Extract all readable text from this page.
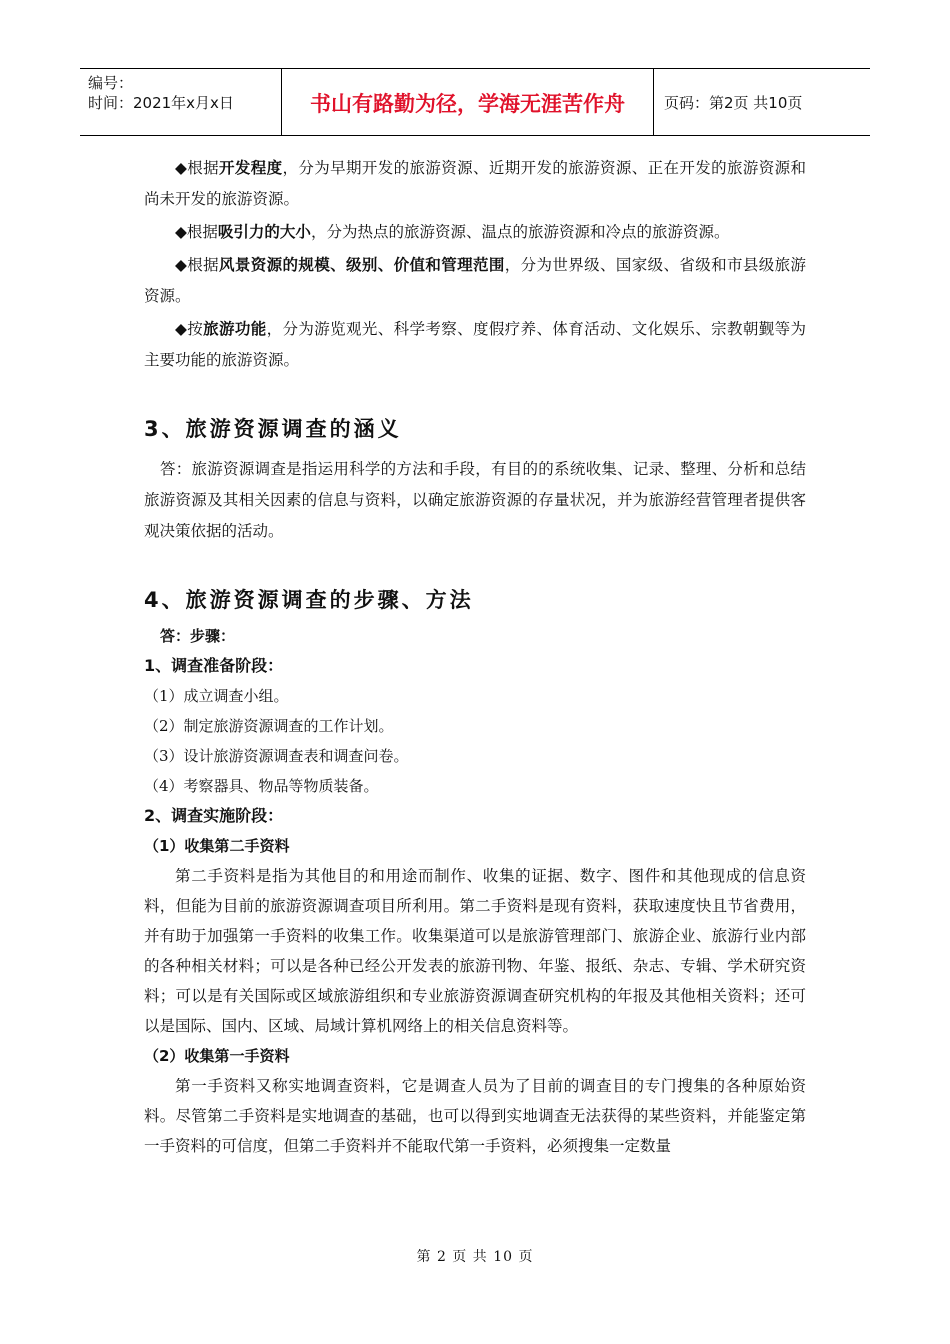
编号：
时间：2021年x月x日	书山有路勤为径，学海无涯苦作舟	页码：第2页 共10页

◆根据开发程度，分为早期开发的旅游资源、近期开发的旅游资源、正在开发的旅游资源和尚未开发的旅游资源。

◆根据吸引力的大小，分为热点的旅游资源、温点的旅游资源和冷点的旅游资源。

◆根据风景资源的规模、级别、价值和管理范围，分为世界级、国家级、省级和市县级旅游资源。

◆按旅游功能，分为游览观光、科学考察、度假疗养、体育活动、文化娱乐、宗教朝觐等为主要功能的旅游资源。

3、旅游资源调查的涵义

答：旅游资源调查是指运用科学的方法和手段，有目的的系统收集、记录、整理、分析和总结旅游资源及其相关因素的信息与资料，以确定旅游资源的存量状况，并为旅游经营管理者提供客观决策依据的活动。

4、旅游资源调查的步骤、方法

答：步骤：

1、调查准备阶段：

（1）成立调查小组。

（2）制定旅游资源调查的工作计划。

（3）设计旅游资源调查表和调查问卷。

（4）考察器具、物品等物质装备。

2、调查实施阶段：

（1）收集第二手资料

第二手资料是指为其他目的和用途而制作、收集的证据、数字、图件和其他现成的信息资料，但能为目前的旅游资源调查项目所利用。第二手资料是现有资料，获取速度快且节省费用，并有助于加强第一手资料的收集工作。收集渠道可以是旅游管理部门、旅游企业、旅游行业内部的各种相关材料；可以是各种已经公开发表的旅游刊物、年鉴、报纸、杂志、专辑、学术研究资料；可以是有关国际或区域旅游组织和专业旅游资源调查研究机构的年报及其他相关资料；还可以是国际、国内、区域、局域计算机网络上的相关信息资料等。

（2）收集第一手资料

第一手资料又称实地调查资料，它是调查人员为了目前的调查目的专门搜集的各种原始资料。尽管第二手资料是实地调查的基础，也可以得到实地调查无法获得的某些资料，并能鉴定第一手资料的可信度，但第二手资料并不能取代第一手资料，必须搜集一定数量

第 2 页 共 10 页
